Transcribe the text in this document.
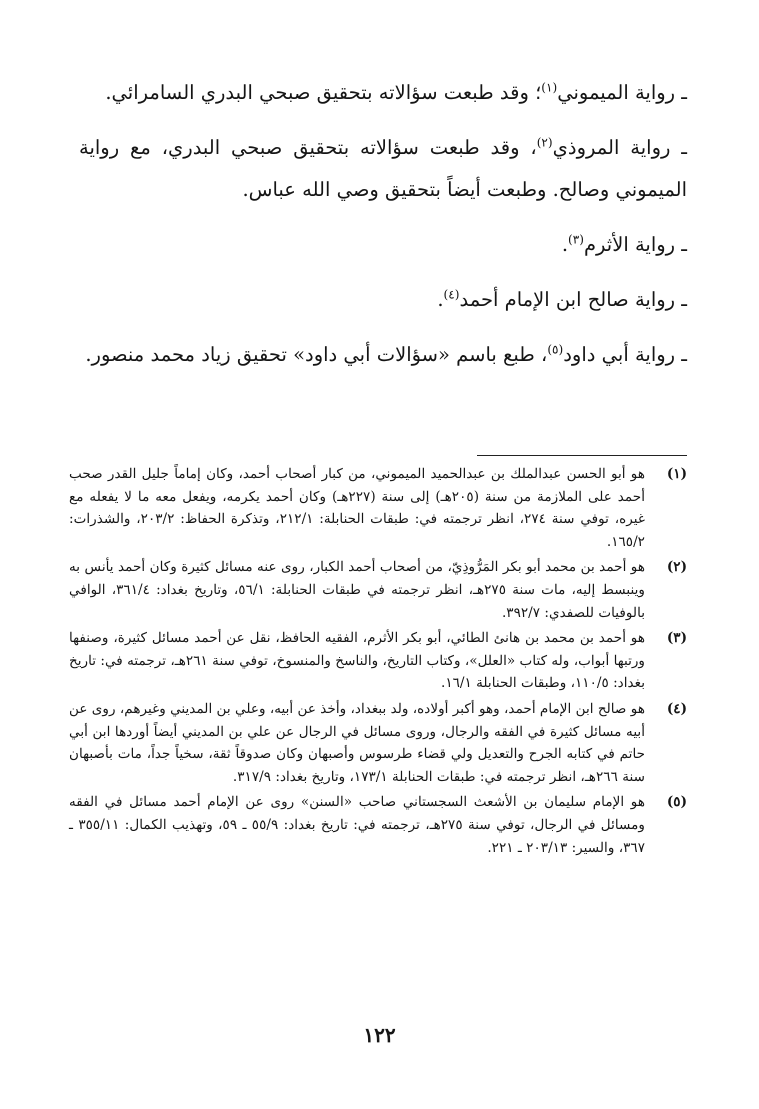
ـ رواية الميموني$^{(١)}$؛ وقد طبعت سؤالاته بتحقيق صبحي البدري السامرائي.

ـ رواية المروذي$^{(٢)}$، وقد طبعت سؤالاته بتحقيق صبحي البدري، مع رواية الميموني وصالح. وطبعت أيضاً بتحقيق وصي الله عباس.

ـ رواية الأثرم$^{(٣)}$.

ـ رواية صالح ابن الإمام أحمد$^{(٤)}$.

ـ رواية أبي داود$^{(٥)}$، طبع باسم «سؤالات أبي داود» تحقيق زياد محمد منصور.

(١)
هو أبو الحسن عبدالملك بن عبدالحميد الميموني، من كبار أصحاب أحمد، وكان إماماً جليل القدر صحب أحمد على الملازمة من سنة (٢٠٥هـ) إلى سنة (٢٢٧هـ) وكان أحمد يكرمه، ويفعل معه ما لا يفعله مع غيره، توفي سنة ٢٧٤، انظر ترجمته في: طبقات الحنابلة: ٢١٢/١، وتذكرة الحفاظ: ٢٠٣/٢، والشذرات: ١٦٥/٢.
(٢)
هو أحمد بن محمد أبو بكر المَرُّوذِيّ، من أصحاب أحمد الكبار، روى عنه مسائل كثيرة وكان أحمد يأنس به وينبسط إليه، مات سنة ٢٧٥هـ، انظر ترجمته في طبقات الحنابلة: ٥٦/١، وتاريخ بغداد: ٣٦١/٤، الوافي بالوفيات للصفدي: ٣٩٢/٧.
(٣)
هو أحمد بن محمد بن هانئ الطائي، أبو بكر الأثرم، الفقيه الحافظ، نقل عن أحمد مسائل كثيرة، وصنفها ورتبها أبواب، وله كتاب «العلل»، وكتاب التاريخ، والناسخ والمنسوخ، توفي سنة ٢٦١هـ، ترجمته في: تاريخ بغداد: ١١٠/٥، وطبقات الحنابلة ١٦/١.
(٤)
هو صالح ابن الإمام أحمد، وهو أكبر أولاده، ولد ببغداد، وأخذ عن أبيه، وعلي بن المديني وغيرهم، روى عن أبيه مسائل كثيرة في الفقه والرجال، وروى مسائل في الرجال عن علي بن المديني أيضاً أوردها ابن أبي حاتم في كتابه الجرح والتعديل ولي قضاء طرسوس وأصبهان وكان صدوقاً ثقة، سخياً جداً، مات بأصبهان سنة ٢٦٦هـ، انظر ترجمته في: طبقات الحنابلة ١٧٣/١، وتاريخ بغداد: ٣١٧/٩.
(٥)
هو الإمام سليمان بن الأشعث السجستاني صاحب «السنن» روى عن الإمام أحمد مسائل في الفقه ومسائل في الرجال، توفي سنة ٢٧٥هـ، ترجمته في: تاريخ بغداد: ٥٥/٩ ـ ٥٩، وتهذيب الكمال: ٣٥٥/١١ ـ ٣٦٧، والسير: ٢٠٣/١٣ ـ ٢٢١.
١٢٢
